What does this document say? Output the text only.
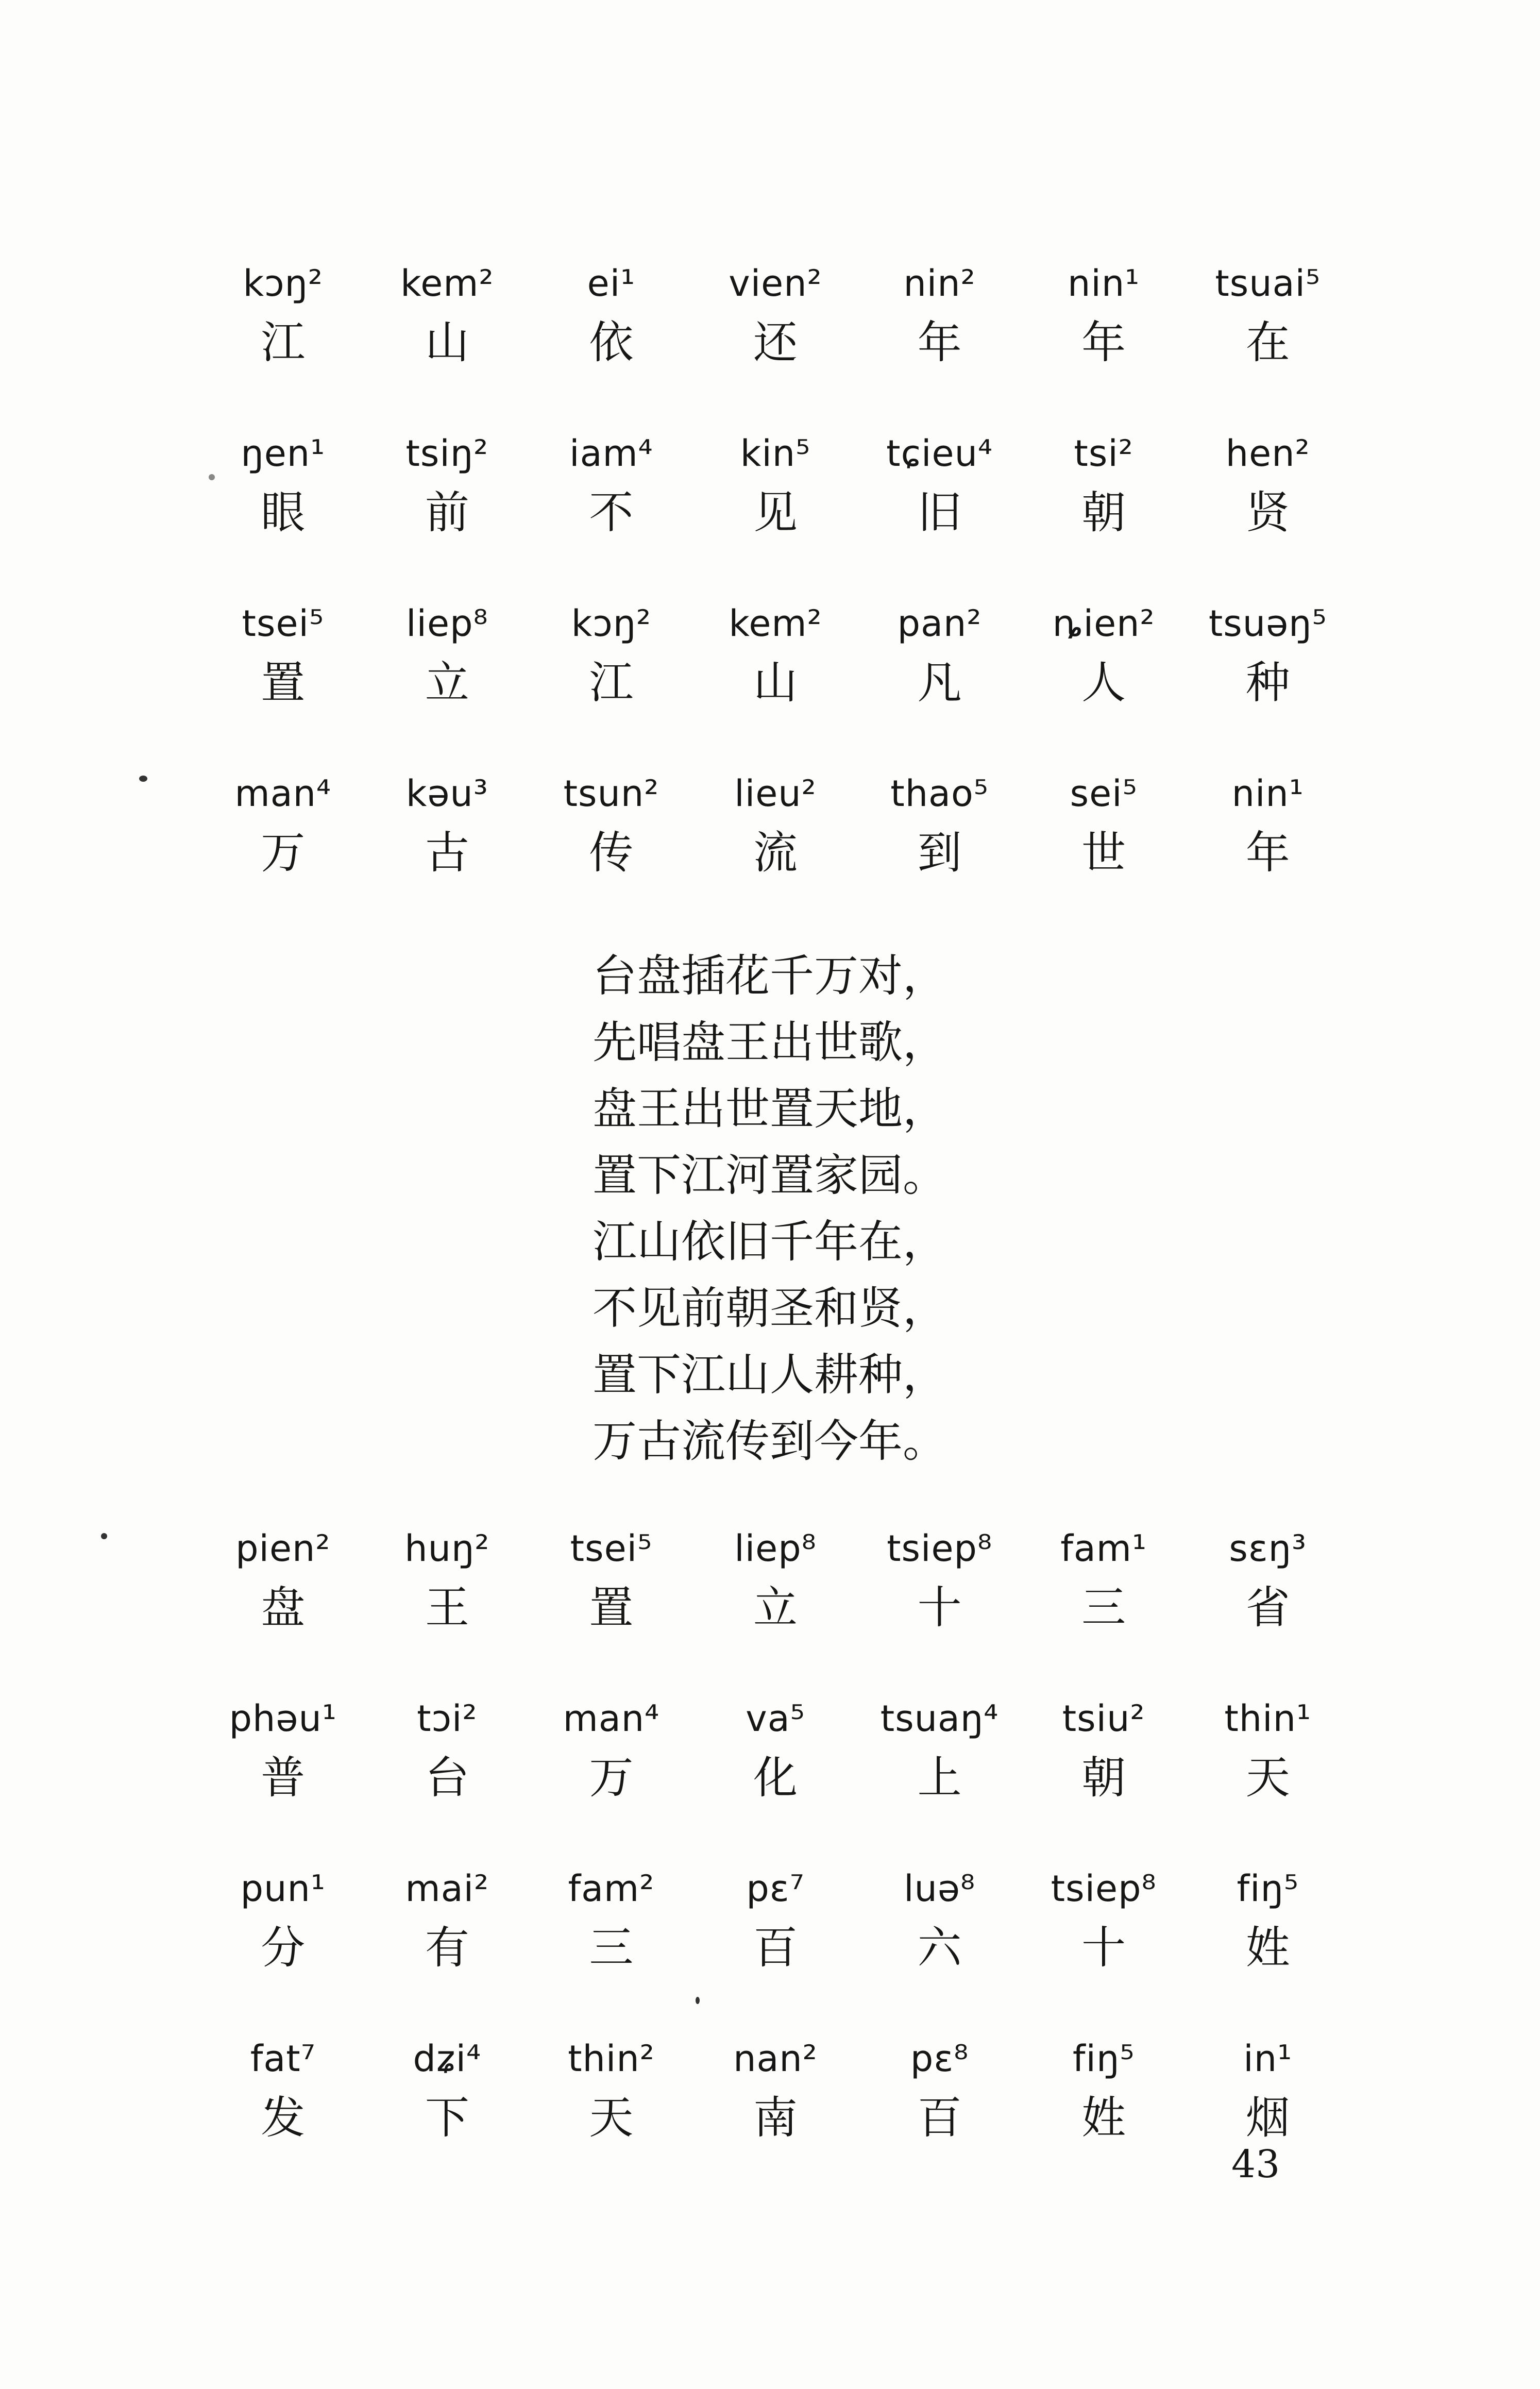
kɔŋ²	kem²	ei¹	vien²	nin²	nin¹	tsuai⁵
江	山	依	还	年	年	在
ŋen¹	tsiŋ²	iam⁴	kin⁵	tɕieu⁴	tsi²	hen²
眼	前	不	见	旧	朝	贤
tsei⁵	liep⁸	kɔŋ²	kem²	pan²	ȵien²	tsuəŋ⁵
置	立	江	山	凡	人	种
man⁴	kəu³	tsun²	lieu²	thao⁵	sei⁵	nin¹
万	古	传	流	到	世	年
台盘插花千万对，
先唱盘王出世歌，
盘王出世置天地，
置下江河置家园。
江山依旧千年在，
不见前朝圣和贤，
置下江山人耕种，
万古流传到今年。
pien²	huŋ²	tsei⁵	liep⁸	tsiep⁸	fam¹	sɛŋ³
盘	王	置	立	十	三	省
phəu¹	tɔi²	man⁴	va⁵	tsuaŋ⁴	tsiu²	thin¹
普	台	万	化	上	朝	天
pun¹	mai²	fam²	pɛ⁷	luə⁸	tsiep⁸	fiŋ⁵
分	有	三	百	六	十	姓
fat⁷	dʑi⁴	thin²	nan²	pɛ⁸	fiŋ⁵	in¹
发	下	天	南	百	姓	烟
43
